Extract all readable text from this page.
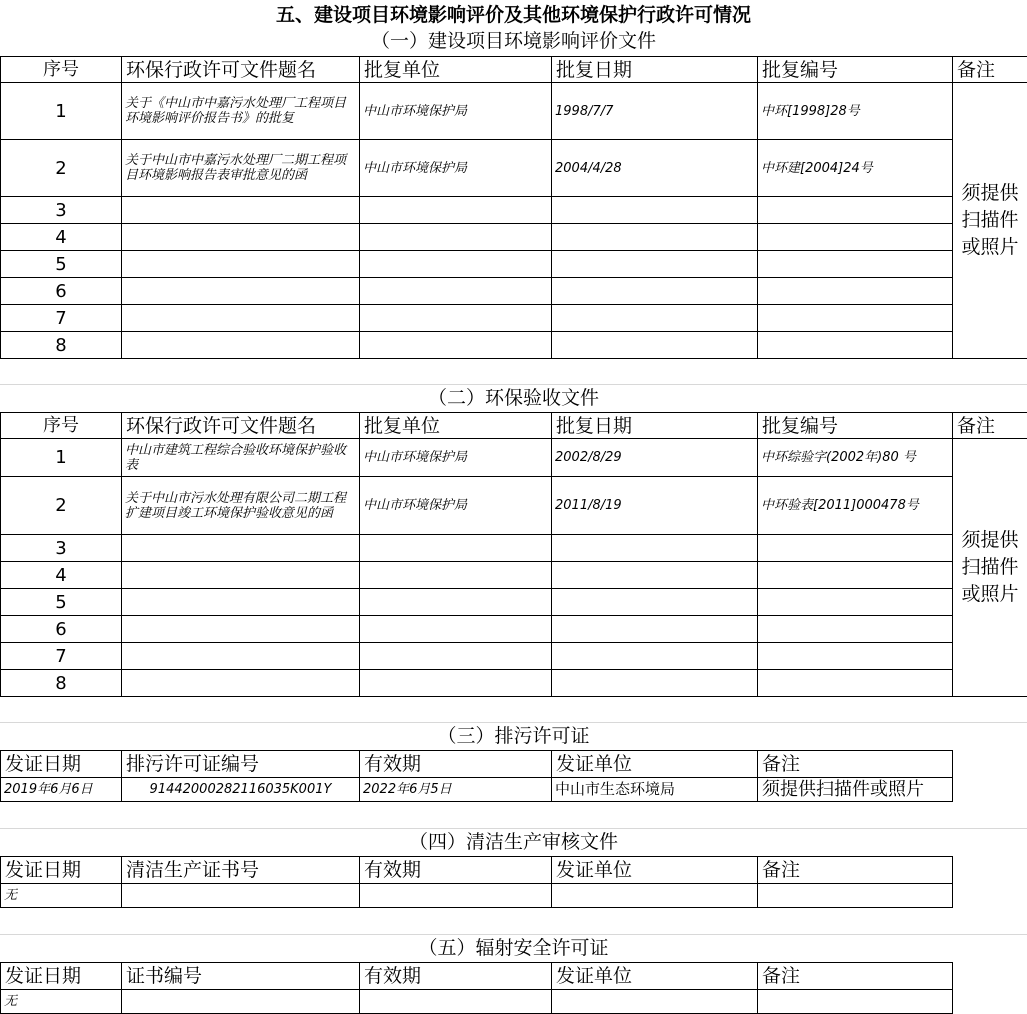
五、建设项目环境影响评价及其他环境保护行政许可情况
（一）建设项目环境影响评价文件
序号	环保行政许可文件题名	批复单位	批复日期	批复编号	备注
1	关于《中山市中嘉污水处理厂工程项目环境影响评价报告书》的批复	中山市环境保护局	1998/7/7	中环[1998]28号	须提供扫描件或照片
2	关于中山市中嘉污水处理厂二期工程项目环境影响报告表审批意见的函	中山市环境保护局	2004/4/28	中环建[2004]24号	
3					
4					
5					
6					
7					
8					
（二）环保验收文件
序号	环保行政许可文件题名	批复单位	批复日期	批复编号	备注
1	中山市建筑工程综合验收环境保护验收表	中山市环境保护局	2002/8/29	中环综验字(2002年)80 号	须提供扫描件或照片
2	关于中山市污水处理有限公司二期工程扩建项目竣工环境保护验收意见的函	中山市环境保护局	2011/8/19	中环验表[2011]000478号	
3					
4					
5					
6					
7					
8					
（三）排污许可证
发证日期	排污许可证编号	有效期	发证单位	备注
2019年6月6日	91442000282116035K001Y	2022年6月5日	中山市生态环境局	须提供扫描件或照片
（四）清洁生产审核文件
发证日期	清洁生产证书号	有效期	发证单位	备注
无				
（五）辐射安全许可证
发证日期	证书编号	有效期	发证单位	备注
无				
